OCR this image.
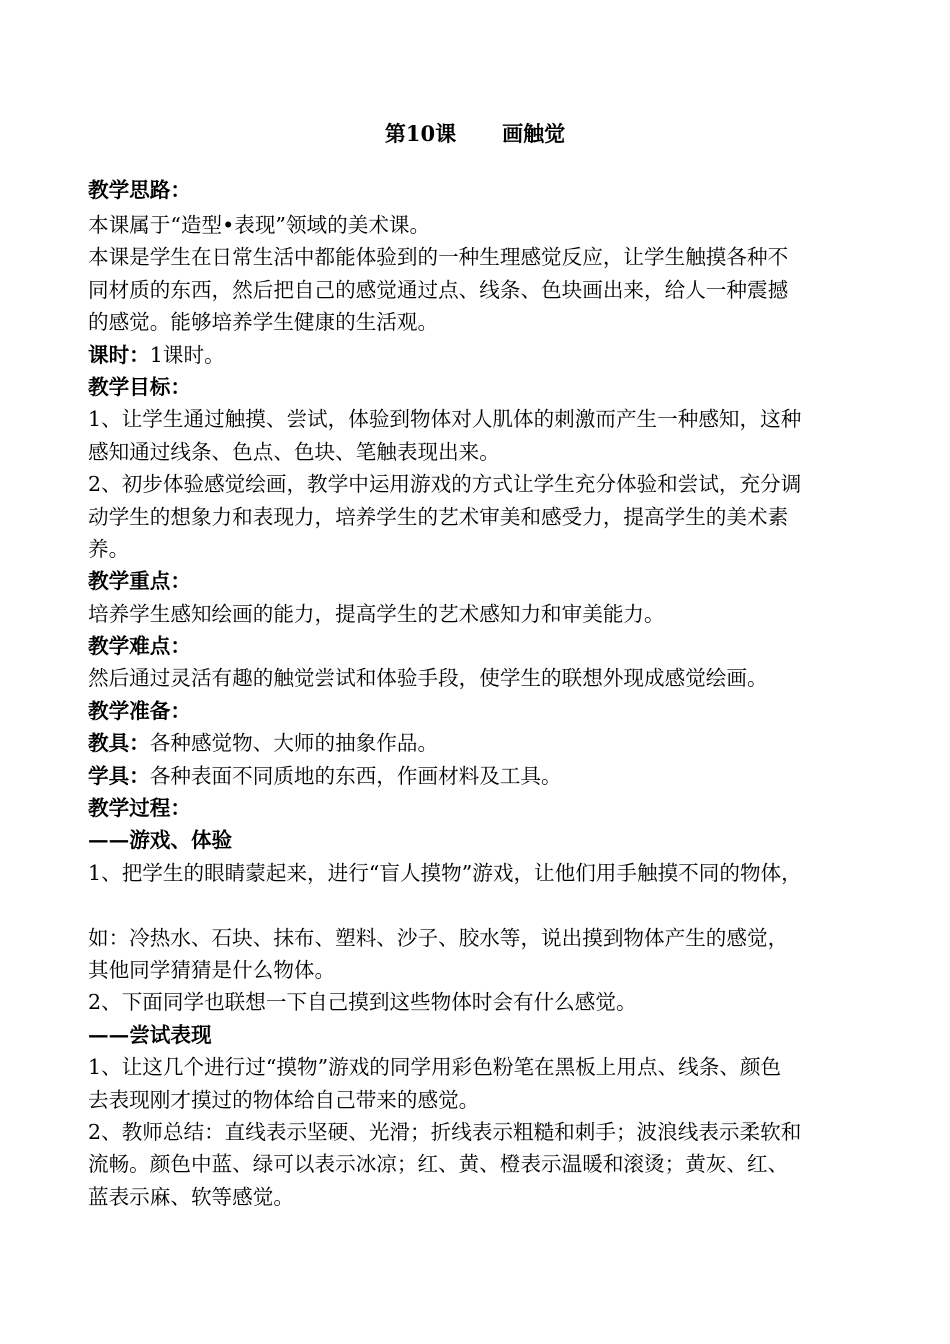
第10课 画触觉
教学思路：
本课属于“造型•表现”领域的美术课。
本课是学生在日常生活中都能体验到的一种生理感觉反应，让学生触摸各种不
同材质的东西，然后把自己的感觉通过点、线条、色块画出来，给人一种震撼
的感觉。能够培养学生健康的生活观。
课时：1课时。
教学目标：
1、让学生通过触摸、尝试，体验到物体对人肌体的刺激而产生一种感知，这种
感知通过线条、色点、色块、笔触表现出来。
2、初步体验感觉绘画，教学中运用游戏的方式让学生充分体验和尝试，充分调
动学生的想象力和表现力，培养学生的艺术审美和感受力，提高学生的美术素
养。
教学重点：
培养学生感知绘画的能力，提高学生的艺术感知力和审美能力。
教学难点：
然后通过灵活有趣的触觉尝试和体验手段，使学生的联想外现成感觉绘画。
教学准备：
教具：各种感觉物、大师的抽象作品。
学具：各种表面不同质地的东西，作画材料及工具。
教学过程：
——游戏、体验
1、把学生的眼睛蒙起来，进行“盲人摸物”游戏，让他们用手触摸不同的物体，
如：冷热水、石块、抹布、塑料、沙子、胶水等，说出摸到物体产生的感觉，
其他同学猜猜是什么物体。
2、下面同学也联想一下自己摸到这些物体时会有什么感觉。
——尝试表现
1、让这几个进行过“摸物”游戏的同学用彩色粉笔在黑板上用点、线条、颜色
去表现刚才摸过的物体给自己带来的感觉。
2、教师总结：直线表示坚硬、光滑；折线表示粗糙和刺手；波浪线表示柔软和
流畅。颜色中蓝、绿可以表示冰凉；红、黄、橙表示温暖和滚烫；黄灰、红、
蓝表示麻、软等感觉。
